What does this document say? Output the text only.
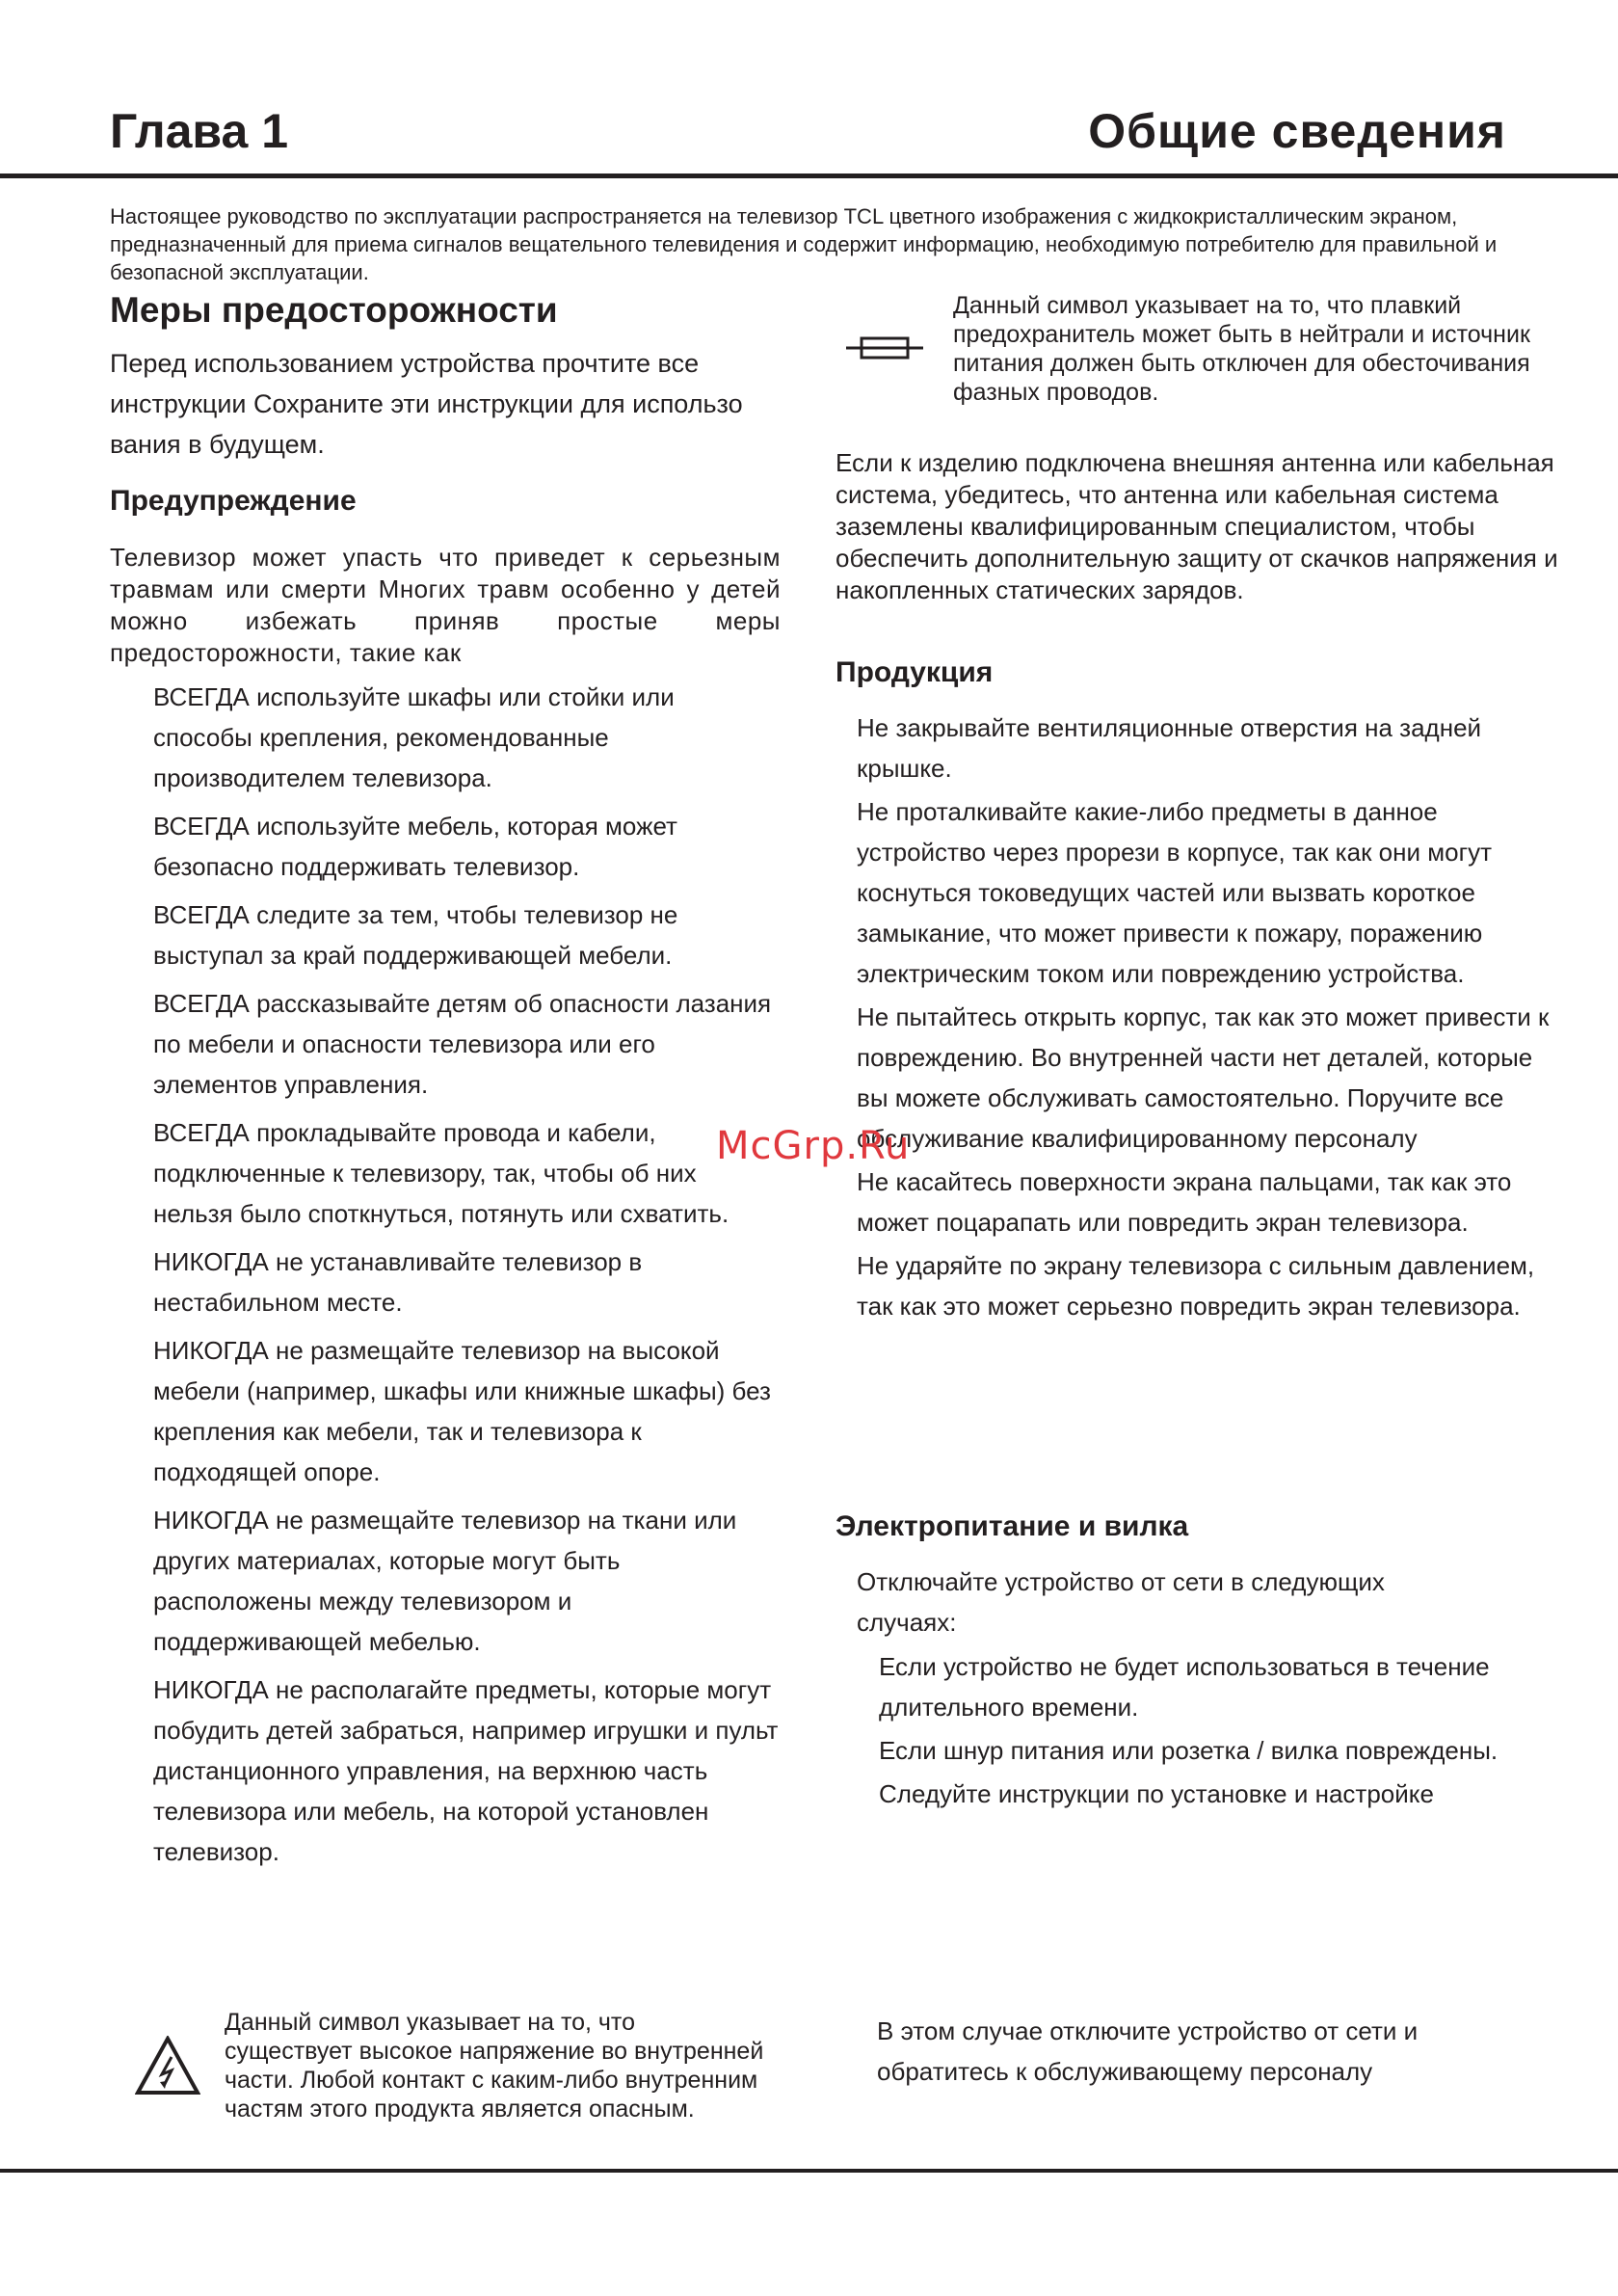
Глава 1	Общие сведения
Настоящее руководство по эксплуатации распространяется на телевизор TCL цветного изображения с жидкокристаллическим экраном, предназначенный для приема сигналов вещательного телевидения и содержит информацию, необходимую потребителю для правильной и безопасной эксплуатации.
Меры предосторожности
Перед использованием устройства прочтите все инструкции Сохраните эти инструкции для использо вания в будущем.
Предупреждение
Телевизор может упасть что приведет к серьезным травмам или смерти Многих травм особенно у детей можно избежать приняв простые меры предосторожности, такие как
ВСЕГДА используйте шкафы или стойки или способы крепления, рекомендованные производителем телевизора.
ВСЕГДА используйте мебель, которая может безопасно поддерживать телевизор.
ВСЕГДА следите за тем, чтобы телевизор не выступал за край поддерживающей мебели.
ВСЕГДА рассказывайте детям об опасности лазания по мебели и опасности телевизора или его элементов управления.
ВСЕГДА прокладывайте провода и кабели, подключенные к телевизору, так, чтобы об них нельзя было споткнуться, потянуть или схватить.
НИКОГДА не устанавливайте телевизор в нестабильном месте.
НИКОГДА не размещайте телевизор на высокой мебели (например, шкафы или книжные шкафы) без крепления как мебели, так и телевизора к подходящей опоре.
НИКОГДА не размещайте телевизор на ткани или других материалах, которые могут быть расположены между телевизором и поддерживающей мебелью.
НИКОГДА не располагайте предметы, которые могут побудить детей забраться, например игрушки и пульт дистанционного управления, на верхнюю часть телевизора или мебель, на которой установлен телевизор.
Данный символ указывает на то, что существует высокое напряжение во внутренней части. Любой контакт с каким-либо внутренним частям этого продукта является опасным.
Данный символ указывает на то, что плавкий предохранитель может быть в нейтрали и источник питания должен быть отключен для обесточивания фазных проводов.
Если к изделию подключена внешняя антенна или кабельная система, убедитесь, что антенна или кабельная система заземлены квалифицированным специалистом, чтобы обеспечить дополнительную защиту от скачков напряжения и накопленных статических зарядов.
Продукция
Не закрывайте вентиляционные отверстия на задней крышке.
Не проталкивайте какие-либо предметы в данное устройство через прорези в корпусе, так как они могут коснуться токоведущих частей или вызвать короткое замыкание, что может привести к пожару, поражению электрическим током или повреждению устройства.
Не пытайтесь открыть корпус, так как это может привести к повреждению. Во внутренней части нет деталей, которые вы можете обслуживать самостоятельно. Поручите все обслуживание квалифицированному персоналу
Не касайтесь поверхности экрана пальцами, так как это может поцарапать или повредить экран телевизора.
Не ударяйте по экрану телевизора с сильным давлением, так как это может серьезно повредить экран телевизора.
Электропитание и вилка
Отключайте устройство от сети в следующих случаях:
Если устройство не будет использоваться в течение длительного времени.
Если шнур питания или розетка / вилка повреждены.
Следуйте инструкции по установке и настройке
В этом случае отключите устройство от сети и обратитесь к обслуживающему персоналу
McGrp.Ru
